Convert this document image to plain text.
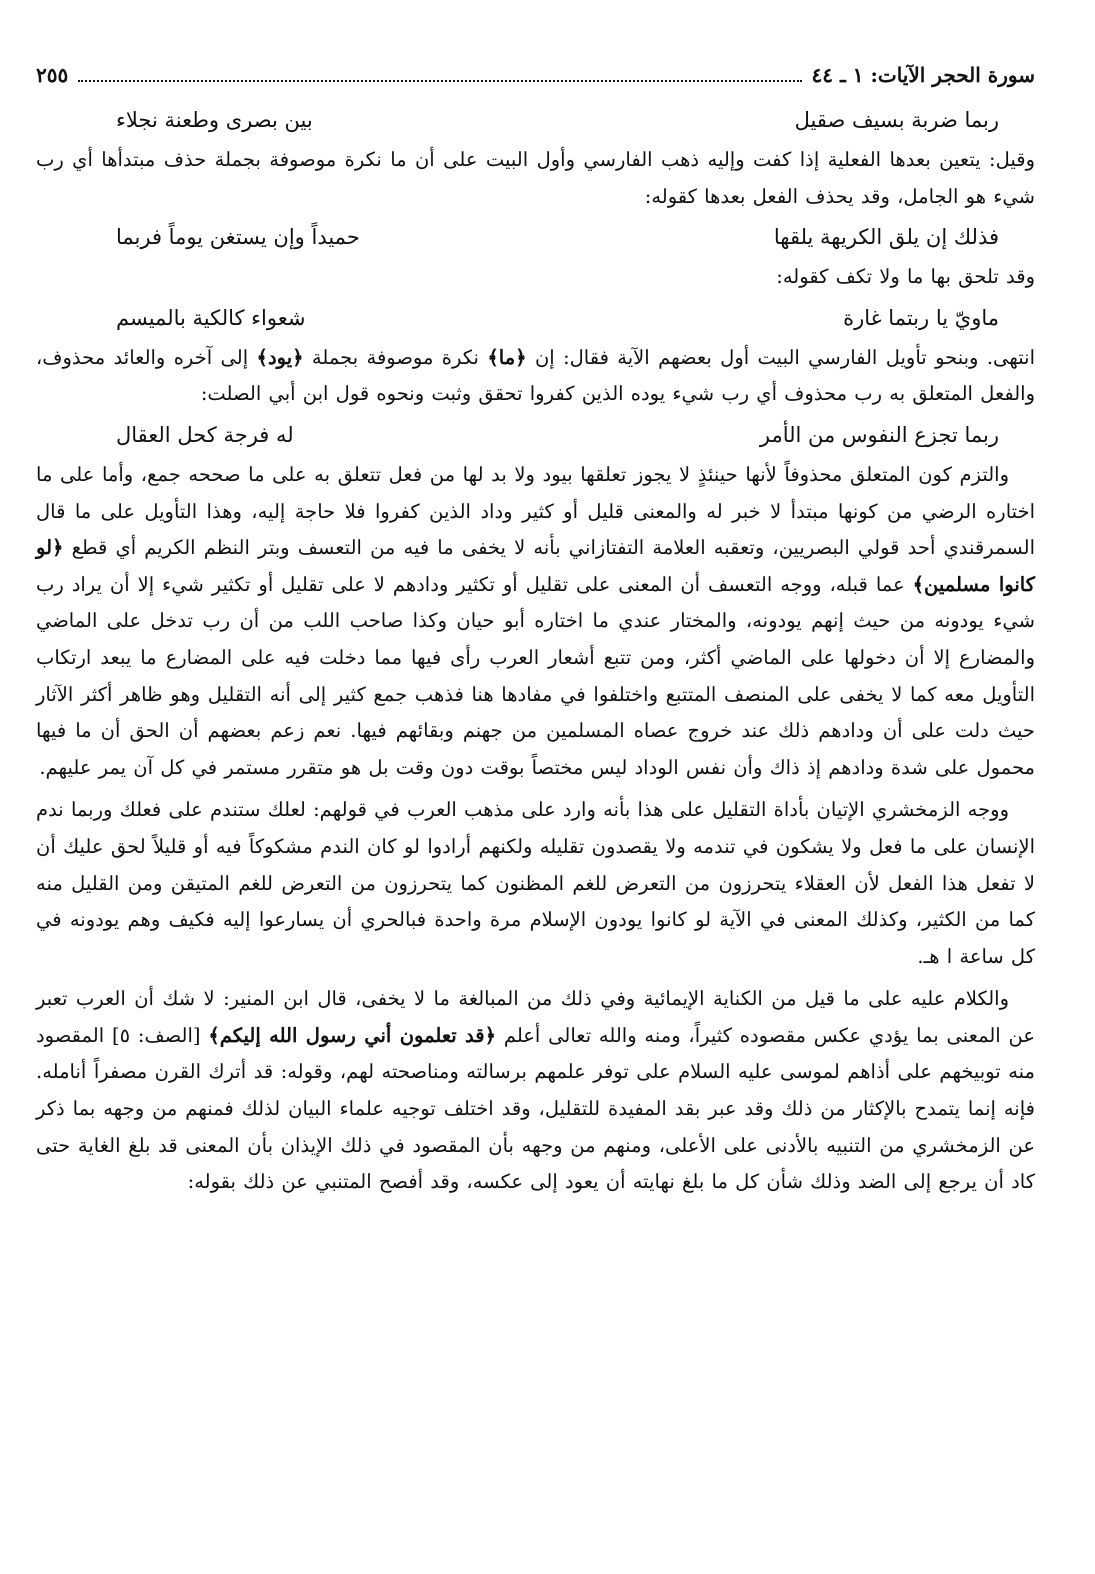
سورة الحجر الآيات: ١ ـ ٤٤
٢٥٥
ربما ضربة بسيف صقيل
بين بصرى وطعنة نجلاء

وقيل: يتعين بعدها الفعلية إذا كفت وإليه ذهب الفارسي وأول البيت على أن ما نكرة موصوفة بجملة حذف مبتدأها أي رب شيء هو الجامل، وقد يحذف الفعل بعدها كقوله:

فذلك إن يلق الكريهة يلقها
حميداً وإن يستغن يوماً فربما

وقد تلحق بها ما ولا تكف كقوله:

ماويّ يا ربتما غارة
شعواء كالكية بالميسم

انتهى. وبنحو تأويل الفارسي البيت أول بعضهم الآية فقال: إن ﴿ما﴾ نكرة موصوفة بجملة ﴿يود﴾ إلى آخره والعائد محذوف، والفعل المتعلق به رب محذوف أي رب شيء يوده الذين كفروا تحقق وثبت ونحوه قول ابن أبي الصلت:

ربما تجزع النفوس من الأمر
له فرجة كحل العقال

والتزم كون المتعلق محذوفاً لأنها حينئذٍ لا يجوز تعلقها بيود ولا بد لها من فعل تتعلق به على ما صححه جمع، وأما على ما اختاره الرضي من كونها مبتدأ لا خبر له والمعنى قليل أو كثير وداد الذين كفروا فلا حاجة إليه، وهذا التأويل على ما قال السمرقندي أحد قولي البصريين، وتعقبه العلامة التفتازاني بأنه لا يخفى ما فيه من التعسف وبتر النظم الكريم أي قطع ﴿لو كانوا مسلمين﴾ عما قبله، ووجه التعسف أن المعنى على تقليل أو تكثير ودادهم لا على تقليل أو تكثير شيء إلا أن يراد رب شيء يودونه من حيث إنهم يودونه، والمختار عندي ما اختاره أبو حيان وكذا صاحب اللب من أن رب تدخل على الماضي والمضارع إلا أن دخولها على الماضي أكثر، ومن تتبع أشعار العرب رأى فيها مما دخلت فيه على المضارع ما يبعد ارتكاب التأويل معه كما لا يخفى على المنصف المتتبع واختلفوا في مفادها هنا فذهب جمع كثير إلى أنه التقليل وهو ظاهر أكثر الآثار حيث دلت على أن ودادهم ذلك عند خروج عصاه المسلمين من جهنم وبقائهم فيها. نعم زعم بعضهم أن الحق أن ما فيها محمول على شدة ودادهم إذ ذاك وأن نفس الوداد ليس مختصاً بوقت دون وقت بل هو متقرر مستمر في كل آن يمر عليهم.

ووجه الزمخشري الإتيان بأداة التقليل على هذا بأنه وارد على مذهب العرب في قولهم: لعلك ستندم على فعلك وربما ندم الإنسان على ما فعل ولا يشكون في تندمه ولا يقصدون تقليله ولكنهم أرادوا لو كان الندم مشكوكاً فيه أو قليلاً لحق عليك أن لا تفعل هذا الفعل لأن العقلاء يتحرزون من التعرض للغم المظنون كما يتحرزون من التعرض للغم المتيقن ومن القليل منه كما من الكثير، وكذلك المعنى في الآية لو كانوا يودون الإسلام مرة واحدة فبالحري أن يسارعوا إليه فكيف وهم يودونه في كل ساعة ا هـ.

والكلام عليه على ما قيل من الكناية الإيمائية وفي ذلك من المبالغة ما لا يخفى، قال ابن المنير: لا شك أن العرب تعبر عن المعنى بما يؤدي عكس مقصوده كثيراً، ومنه والله تعالى أعلم ﴿قد تعلمون أني رسول الله إليكم﴾ [الصف: ٥] المقصود منه توبيخهم على أذاهم لموسى عليه السلام على توفر علمهم برسالته ومناصحته لهم، وقوله: قد أترك القرن مصفراً أنامله. فإنه إنما يتمدح بالإكثار من ذلك وقد عبر بقد المفيدة للتقليل، وقد اختلف توجيه علماء البيان لذلك فمنهم من وجهه بما ذكر عن الزمخشري من التنبيه بالأدنى على الأعلى، ومنهم من وجهه بأن المقصود في ذلك الإيذان بأن المعنى قد بلغ الغاية حتى كاد أن يرجع إلى الضد وذلك شأن كل ما بلغ نهايته أن يعود إلى عكسه، وقد أفصح المتنبي عن ذلك بقوله:
